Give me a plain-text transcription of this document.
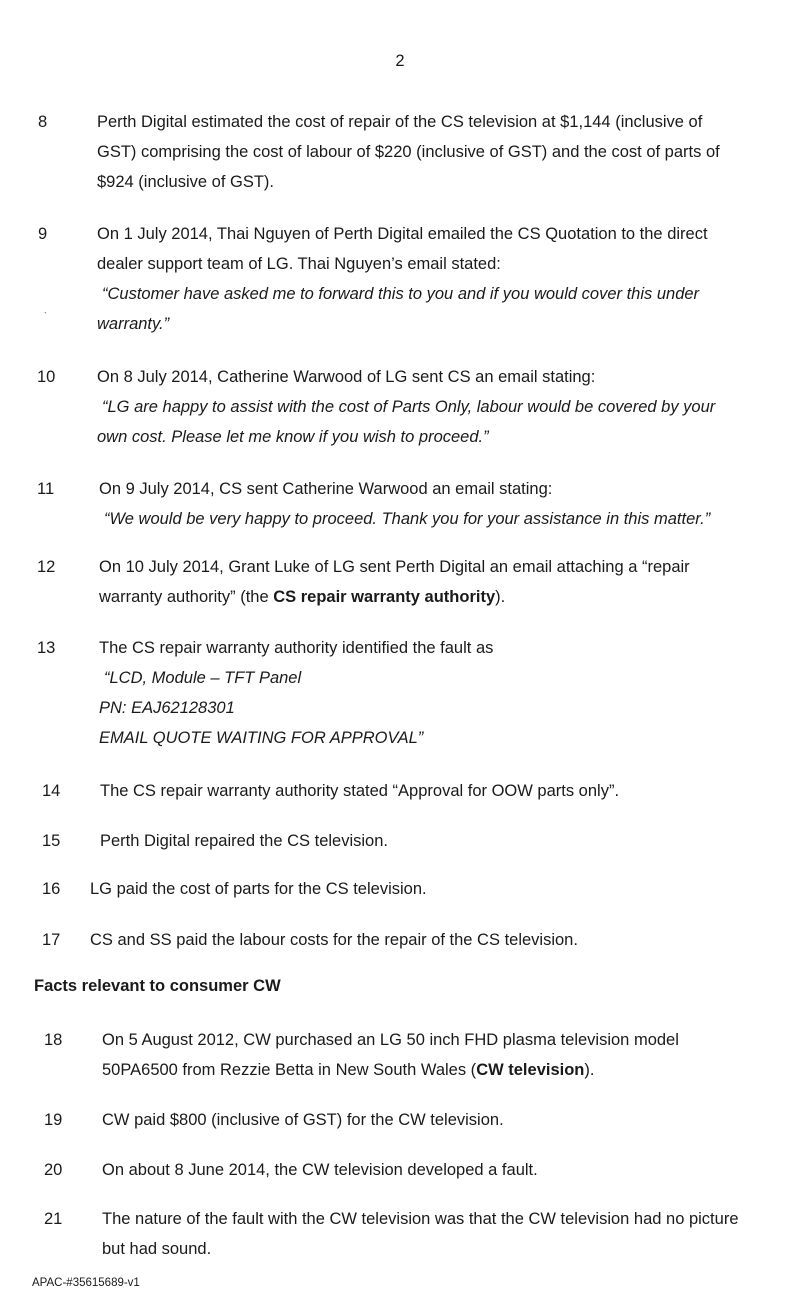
2
`
8	Perth Digital estimated the cost of repair of the CS television at $1,144 (inclusive of
GST) comprising the cost of labour of $220 (inclusive of GST) and the cost of parts of
$924 (inclusive of GST).
9	On 1 July 2014, Thai Nguyen of Perth Digital emailed the CS Quotation to the direct
dealer support team of LG. Thai Nguyen’s email stated:
“Customer have asked me to forward this to you and if you would cover this under
warranty.”
10	On 8 July 2014, Catherine Warwood of LG sent CS an email stating:
“LG are happy to assist with the cost of Parts Only, labour would be covered by your
own cost. Please let me know if you wish to proceed.”
11	On 9 July 2014, CS sent Catherine Warwood an email stating:
“We would be very happy to proceed. Thank you for your assistance in this matter.”
12	On 10 July 2014, Grant Luke of LG sent Perth Digital an email attaching a “repair
warranty authority” (the CS repair warranty authority).
13	The CS repair warranty authority identified the fault as
“LCD, Module – TFT Panel
PN: EAJ62128301
EMAIL QUOTE WAITING FOR APPROVAL”
14 The CS repair warranty authority stated “Approval for OOW parts only”.
15 Perth Digital repaired the CS television.
16 LG paid the cost of parts for the CS television.
17 CS and SS paid the labour costs for the repair of the CS television.
18 On 5 August 2012, CW purchased an LG 50 inch FHD plasma television model
50PA6500 from Rezzie Betta in New South Wales (CW television).
19 CW paid $800 (inclusive of GST) for the CW television.
20 On about 8 June 2014, the CW television developed a fault.
21 The nature of the fault with the CW television was that the CW television had no picture
but had sound.
Facts relevant to consumer CW
APAC-#35615689-v1
